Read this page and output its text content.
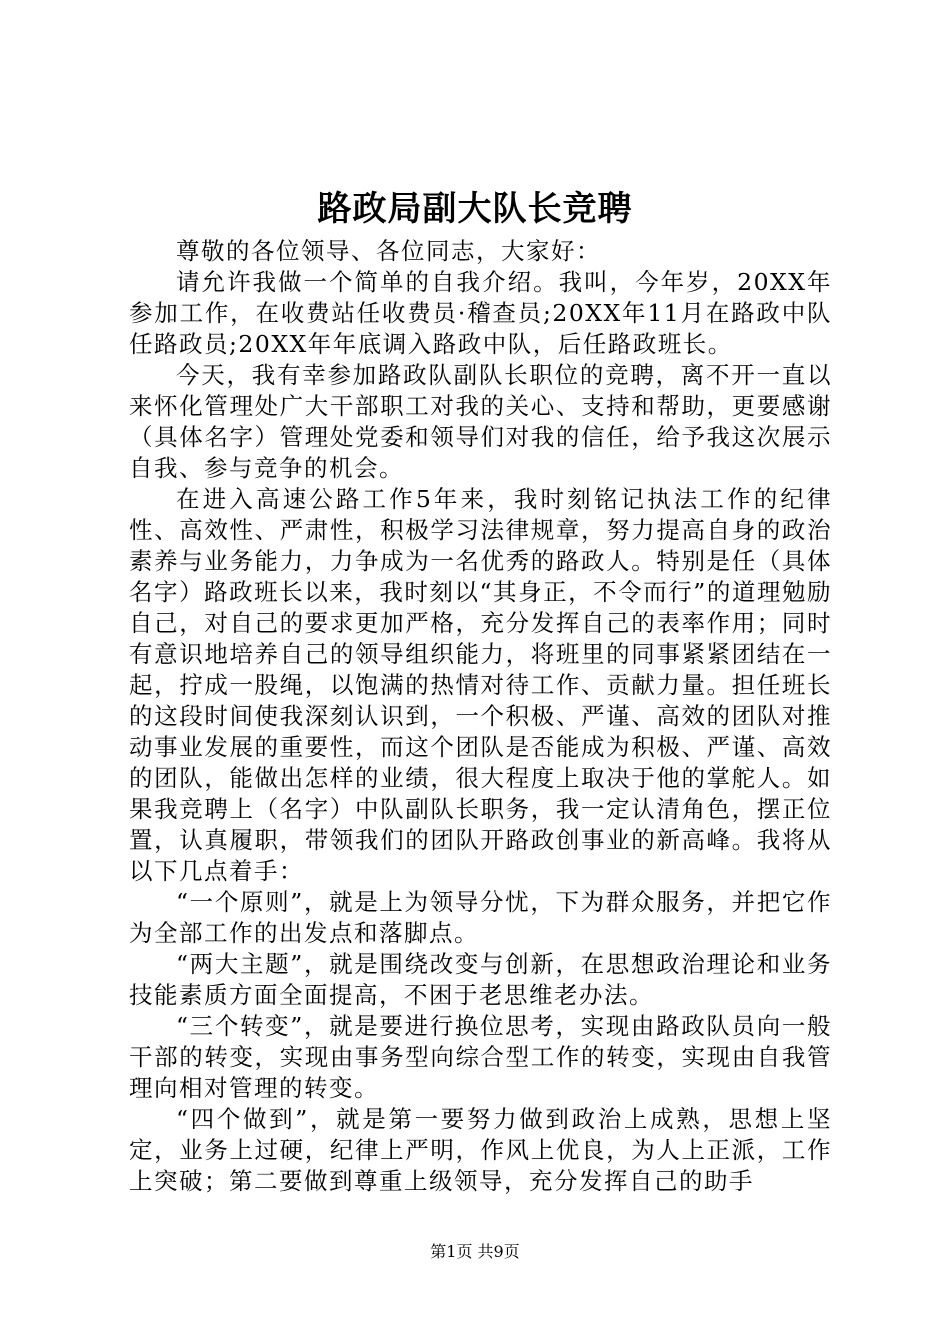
路政局副大队长竞聘

尊敬的各位领导、各位同志，大家好：

请允许我做一个简单的自我介绍。我叫，今年岁，20XX年参加工作，在收费站任收费员·稽查员;20XX年11月在路政中队任路政员;20XX年年底调入路政中队，后任路政班长。

今天，我有幸参加路政队副队长职位的竞聘，离不开一直以来怀化管理处广大干部职工对我的关心、支持和帮助，更要感谢（具体名字）管理处党委和领导们对我的信任，给予我这次展示自我、参与竞争的机会。

在进入高速公路工作5年来，我时刻铭记执法工作的纪律性、高效性、严肃性，积极学习法律规章，努力提高自身的政治素养与业务能力，力争成为一名优秀的路政人。特别是任（具体名字）路政班长以来，我时刻以“其身正，不令而行”的道理勉励自己，对自己的要求更加严格，充分发挥自己的表率作用；同时有意识地培养自己的领导组织能力，将班里的同事紧紧团结在一起，拧成一股绳，以饱满的热情对待工作、贡献力量。担任班长的这段时间使我深刻认识到，一个积极、严谨、高效的团队对推动事业发展的重要性，而这个团队是否能成为积极、严谨、高效的团队，能做出怎样的业绩，很大程度上取决于他的掌舵人。如果我竞聘上（名字）中队副队长职务，我一定认清角色，摆正位置，认真履职，带领我们的团队开路政创事业的新高峰。我将从以下几点着手：

“一个原则”，就是上为领导分忧，下为群众服务，并把它作为全部工作的出发点和落脚点。

“两大主题”，就是围绕改变与创新，在思想政治理论和业务技能素质方面全面提高，不困于老思维老办法。

“三个转变”，就是要进行换位思考，实现由路政队员向一般干部的转变，实现由事务型向综合型工作的转变，实现由自我管理向相对管理的转变。

“四个做到”，就是第一要努力做到政治上成熟，思想上坚定，业务上过硬，纪律上严明，作风上优良，为人上正派，工作上突破；第二要做到尊重上级领导，充分发挥自己的助手

第1页 共9页
